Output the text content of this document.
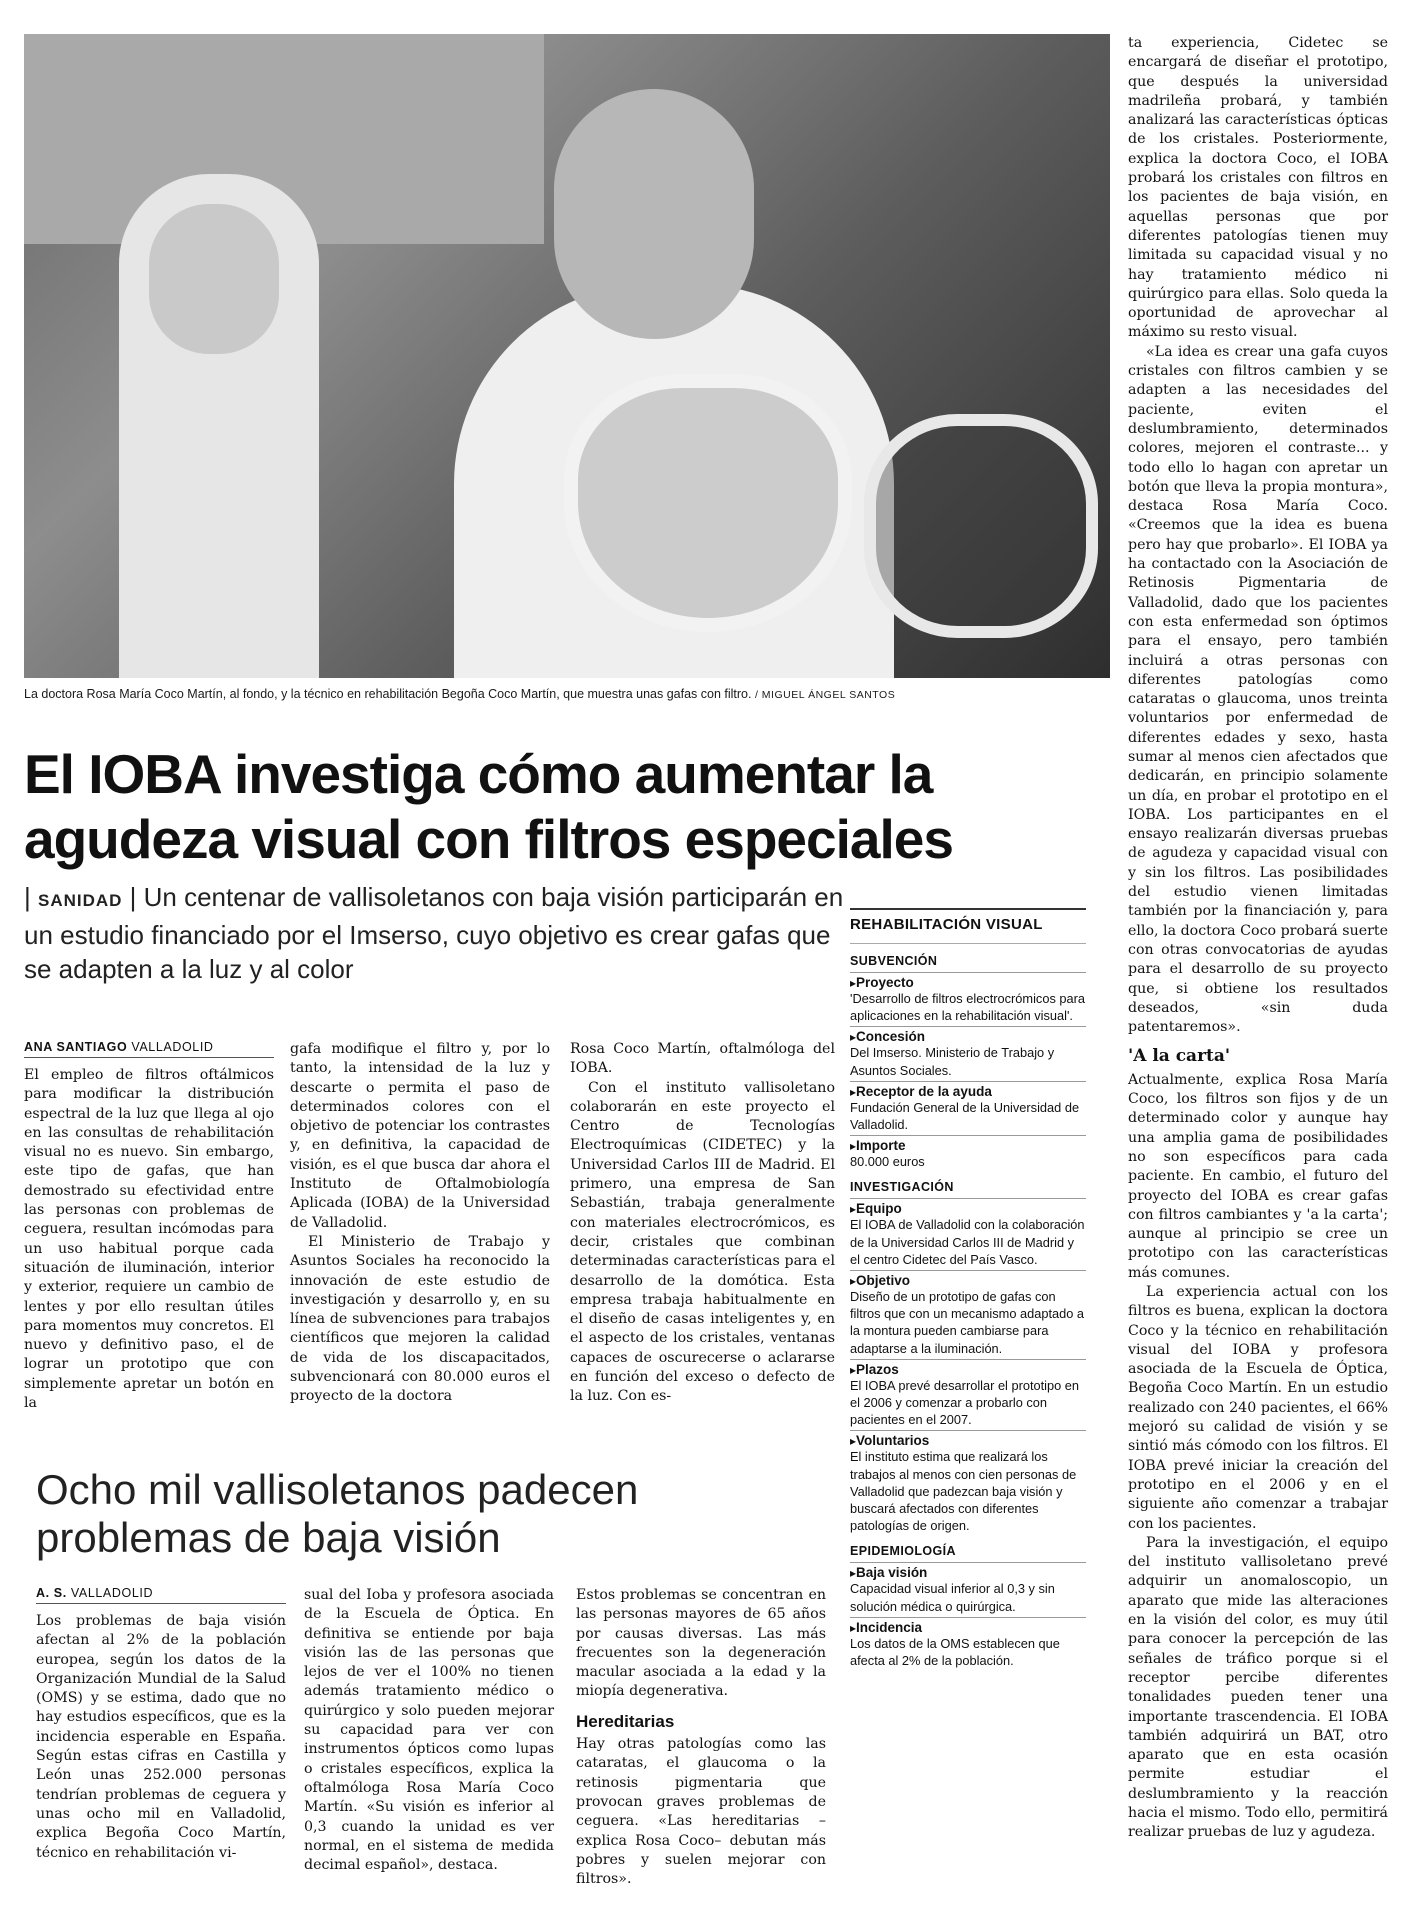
La doctora Rosa María Coco Martín, al fondo, y la técnico en rehabilitación Begoña Coco Martín, que muestra unas gafas con filtro. / MIGUEL ÁNGEL SANTOS
El IOBA investiga cómo aumentar la agudeza visual con filtros especiales
| SANIDAD | Un centenar de vallisoletanos con baja visión participarán en un estudio financiado por el Imserso, cuyo objetivo es crear gafas que se adapten a la luz y al color
ANA SANTIAGO VALLADOLID

El empleo de filtros oftálmicos para modificar la distribución espectral de la luz que llega al ojo en las consultas de rehabilitación visual no es nuevo. Sin embargo, este tipo de gafas, que han demostrado su efectividad entre las personas con problemas de ceguera, resultan incómodas para un uso habitual porque cada situación de iluminación, interior y exterior, requiere un cambio de lentes y por ello resultan útiles para momentos muy concretos. El nuevo y definitivo paso, el de lograr un prototipo que con simplemente apretar un botón en la

gafa modifique el filtro y, por lo tanto, la intensidad de la luz y descarte o permita el paso de determinados colores con el objetivo de potenciar los contrastes y, en definitiva, la capacidad de visión, es el que busca dar ahora el Instituto de Oftalmobiología Aplicada (IOBA) de la Universidad de Valladolid.

El Ministerio de Trabajo y Asuntos Sociales ha reconocido la innovación de este estudio de investigación y desarrollo y, en su línea de subvenciones para trabajos científicos que mejoren la calidad de vida de los discapacitados, subvencionará con 80.000 euros el proyecto de la doctora

Rosa Coco Martín, oftalmóloga del IOBA.

Con el instituto vallisoletano colaborarán en este proyecto el Centro de Tecnologías Electroquímicas (CIDETEC) y la Universidad Carlos III de Madrid. El primero, una empresa de San Sebastián, trabaja generalmente con materiales electrocrómicos, es decir, cristales que combinan determinadas características para el desarrollo de la domótica. Esta empresa trabaja habitualmente en el diseño de casas inteligentes y, en el aspecto de los cristales, ventanas capaces de oscurecerse o aclararse en función del exceso o defecto de la luz. Con es-

ta experiencia, Cidetec se encargará de diseñar el prototipo, que después la universidad madrileña probará, y también analizará las características ópticas de los cristales. Posteriormente, explica la doctora Coco, el IOBA probará los cristales con filtros en los pacientes de baja visión, en aquellas personas que por diferentes patologías tienen muy limitada su capacidad visual y no hay tratamiento médico ni quirúrgico para ellas. Solo queda la oportunidad de aprovechar al máximo su resto visual.

«La idea es crear una gafa cuyos cristales con filtros cambien y se adapten a las necesidades del paciente, eviten el deslumbramiento, determinados colores, mejoren el contraste... y todo ello lo hagan con apretar un botón que lleva la propia montura», destaca Rosa María Coco. «Creemos que la idea es buena pero hay que probarlo». El IOBA ya ha contactado con la Asociación de Retinosis Pigmentaria de Valladolid, dado que los pacientes con esta enfermedad son óptimos para el ensayo, pero también incluirá a otras personas con diferentes patologías como cataratas o glaucoma, unos treinta voluntarios por enfermedad de diferentes edades y sexo, hasta sumar al menos cien afectados que dedicarán, en principio solamente un día, en probar el prototipo en el IOBA. Los participantes en el ensayo realizarán diversas pruebas de agudeza y capacidad visual con y sin los filtros. Las posibilidades del estudio vienen limitadas también por la financiación y, para ello, la doctora Coco probará suerte con otras convocatorias de ayudas para el desarrollo de su proyecto que, si obtiene los resultados deseados, «sin duda patentaremos».

'A la carta'

Actualmente, explica Rosa María Coco, los filtros son fijos y de un determinado color y aunque hay una amplia gama de posibilidades no son específicos para cada paciente. En cambio, el futuro del proyecto del IOBA es crear gafas con filtros cambiantes y 'a la carta'; aunque al principio se cree un prototipo con las características más comunes.

La experiencia actual con los filtros es buena, explican la doctora Coco y la técnico en rehabilitación visual del IOBA y profesora asociada de la Escuela de Óptica, Begoña Coco Martín. En un estudio realizado con 240 pacientes, el 66% mejoró su calidad de visión y se sintió más cómodo con los filtros. El IOBA prevé iniciar la creación del prototipo en el 2006 y en el siguiente año comenzar a trabajar con los pacientes.

Para la investigación, el equipo del instituto vallisoletano prevé adquirir un anomaloscopio, un aparato que mide las alteraciones en la visión del color, es muy útil para conocer la percepción de las señales de tráfico porque si el receptor percibe diferentes tonalidades pueden tener una importante trascendencia. El IOBA también adquirirá un BAT, otro aparato que en esta ocasión permite estudiar el deslumbramiento y la reacción hacia el mismo. Todo ello, permitirá realizar pruebas de luz y agudeza.

REHABILITACIÓN VISUAL
SUBVENCIÓN
▸ Proyecto
'Desarrollo de filtros electrocrómicos para aplicaciones en la rehabilitación visual'.
▸ Concesión
Del Imserso. Ministerio de Trabajo y Asuntos Sociales.
▸ Receptor de la ayuda
Fundación General de la Universidad de Valladolid.
▸ Importe
80.000 euros
INVESTIGACIÓN
▸ Equipo
El IOBA de Valladolid con la colaboración de la Universidad Carlos III de Madrid y el centro Cidetec del País Vasco.
▸ Objetivo
Diseño de un prototipo de gafas con filtros que con un mecanismo adaptado a la montura pueden cambiarse para adaptarse a la iluminación.
▸ Plazos
El IOBA prevé desarrollar el prototipo en el 2006 y comenzar a probarlo con pacientes en el 2007.
▸ Voluntarios
El instituto estima que realizará los trabajos al menos con cien personas de Valladolid que padezcan baja visión y buscará afectados con diferentes patologías de origen.
EPIDEMIOLOGÍA
▸ Baja visión
Capacidad visual inferior al 0,3 y sin solución médica o quirúrgica.
▸ Incidencia
Los datos de la OMS establecen que afecta al 2% de la población.
Ocho mil vallisoletanos padecen problemas de baja visión
A. S. VALLADOLID

Los problemas de baja visión afectan al 2% de la población europea, según los datos de la Organización Mundial de la Salud (OMS) y se estima, dado que no hay estudios específicos, que es la incidencia esperable en España. Según estas cifras en Castilla y León unas 252.000 personas tendrían problemas de ceguera y unas ocho mil en Valladolid, explica Begoña Coco Martín, técnico en rehabilitación vi-

sual del Ioba y profesora asociada de la Escuela de Óptica. En definitiva se entiende por baja visión las de las personas que lejos de ver el 100% no tienen además tratamiento médico o quirúrgico y solo pueden mejorar su capacidad para ver con instrumentos ópticos como lupas o cristales específicos, explica la oftalmóloga Rosa María Coco Martín. «Su visión es inferior al 0,3 cuando la unidad es ver normal, en el sistema de medida decimal español», destaca.

Estos problemas se concentran en las personas mayores de 65 años por causas diversas. Las más frecuentes son la degeneración macular asociada a la edad y la miopía degenerativa.

Hereditarias

Hay otras patologías como las cataratas, el glaucoma o la retinosis pigmentaria que provocan graves problemas de ceguera. «Las hereditarias –explica Rosa Coco– debutan más pobres y suelen mejorar con filtros».
